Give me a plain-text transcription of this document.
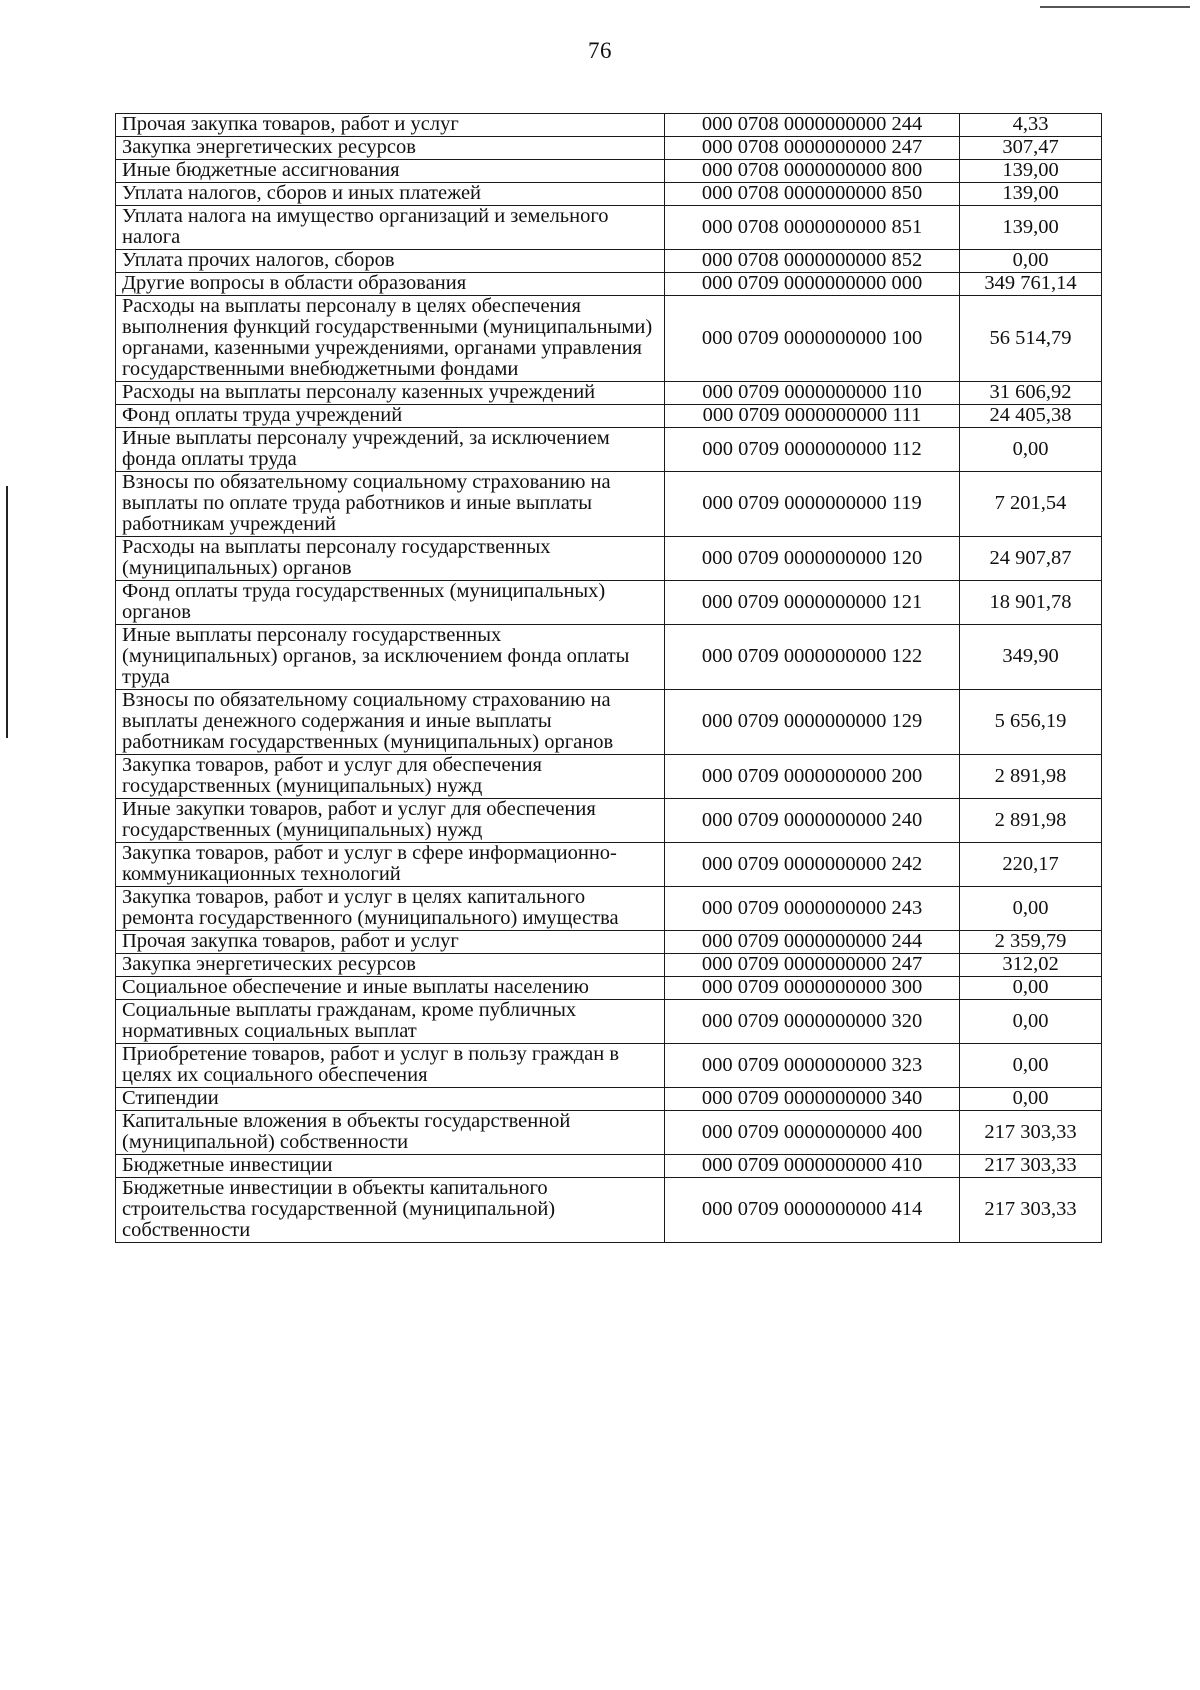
76
Прочая закупка товаров, работ и услуг	000 0708 0000000000 244	4,33
Закупка энергетических ресурсов	000 0708 0000000000 247	307,47
Иные бюджетные ассигнования	000 0708 0000000000 800	139,00
Уплата налогов, сборов и иных платежей	000 0708 0000000000 850	139,00
Уплата налога на имущество организаций и земельного налога	000 0708 0000000000 851	139,00
Уплата прочих налогов, сборов	000 0708 0000000000 852	0,00
Другие вопросы в области образования	000 0709 0000000000 000	349 761,14
Расходы на выплаты персоналу в целях обеспечения выполнения функций государственными (муниципальными) органами, казенными учреждениями, органами управления государственными внебюджетными фондами	000 0709 0000000000 100	56 514,79
Расходы на выплаты персоналу казенных учреждений	000 0709 0000000000 110	31 606,92
Фонд оплаты труда учреждений	000 0709 0000000000 111	24 405,38
Иные выплаты персоналу учреждений, за исключением фонда оплаты труда	000 0709 0000000000 112	0,00
Взносы по обязательному социальному страхованию на выплаты по оплате труда работников и иные выплаты работникам учреждений	000 0709 0000000000 119	7 201,54
Расходы на выплаты персоналу государственных (муниципальных) органов	000 0709 0000000000 120	24 907,87
Фонд оплаты труда государственных (муниципальных) органов	000 0709 0000000000 121	18 901,78
Иные выплаты персоналу государственных (муниципальных) органов, за исключением фонда оплаты труда	000 0709 0000000000 122	349,90
Взносы по обязательному социальному страхованию на выплаты денежного содержания и иные выплаты работникам государственных (муниципальных) органов	000 0709 0000000000 129	5 656,19
Закупка товаров, работ и услуг для обеспечения государственных (муниципальных) нужд	000 0709 0000000000 200	2 891,98
Иные закупки товаров, работ и услуг для обеспечения государственных (муниципальных) нужд	000 0709 0000000000 240	2 891,98
Закупка товаров, работ и услуг в сфере информационно-коммуникационных технологий	000 0709 0000000000 242	220,17
Закупка товаров, работ и услуг в целях капитального ремонта государственного (муниципального) имущества	000 0709 0000000000 243	0,00
Прочая закупка товаров, работ и услуг	000 0709 0000000000 244	2 359,79
Закупка энергетических ресурсов	000 0709 0000000000 247	312,02
Социальное обеспечение и иные выплаты населению	000 0709 0000000000 300	0,00
Социальные выплаты гражданам, кроме публичных нормативных социальных выплат	000 0709 0000000000 320	0,00
Приобретение товаров, работ и услуг в пользу граждан в целях их социального обеспечения	000 0709 0000000000 323	0,00
Стипендии	000 0709 0000000000 340	0,00
Капитальные вложения в объекты государственной (муниципальной) собственности	000 0709 0000000000 400	217 303,33
Бюджетные инвестиции	000 0709 0000000000 410	217 303,33
Бюджетные инвестиции в объекты капитального строительства государственной (муниципальной) собственности	000 0709 0000000000 414	217 303,33
